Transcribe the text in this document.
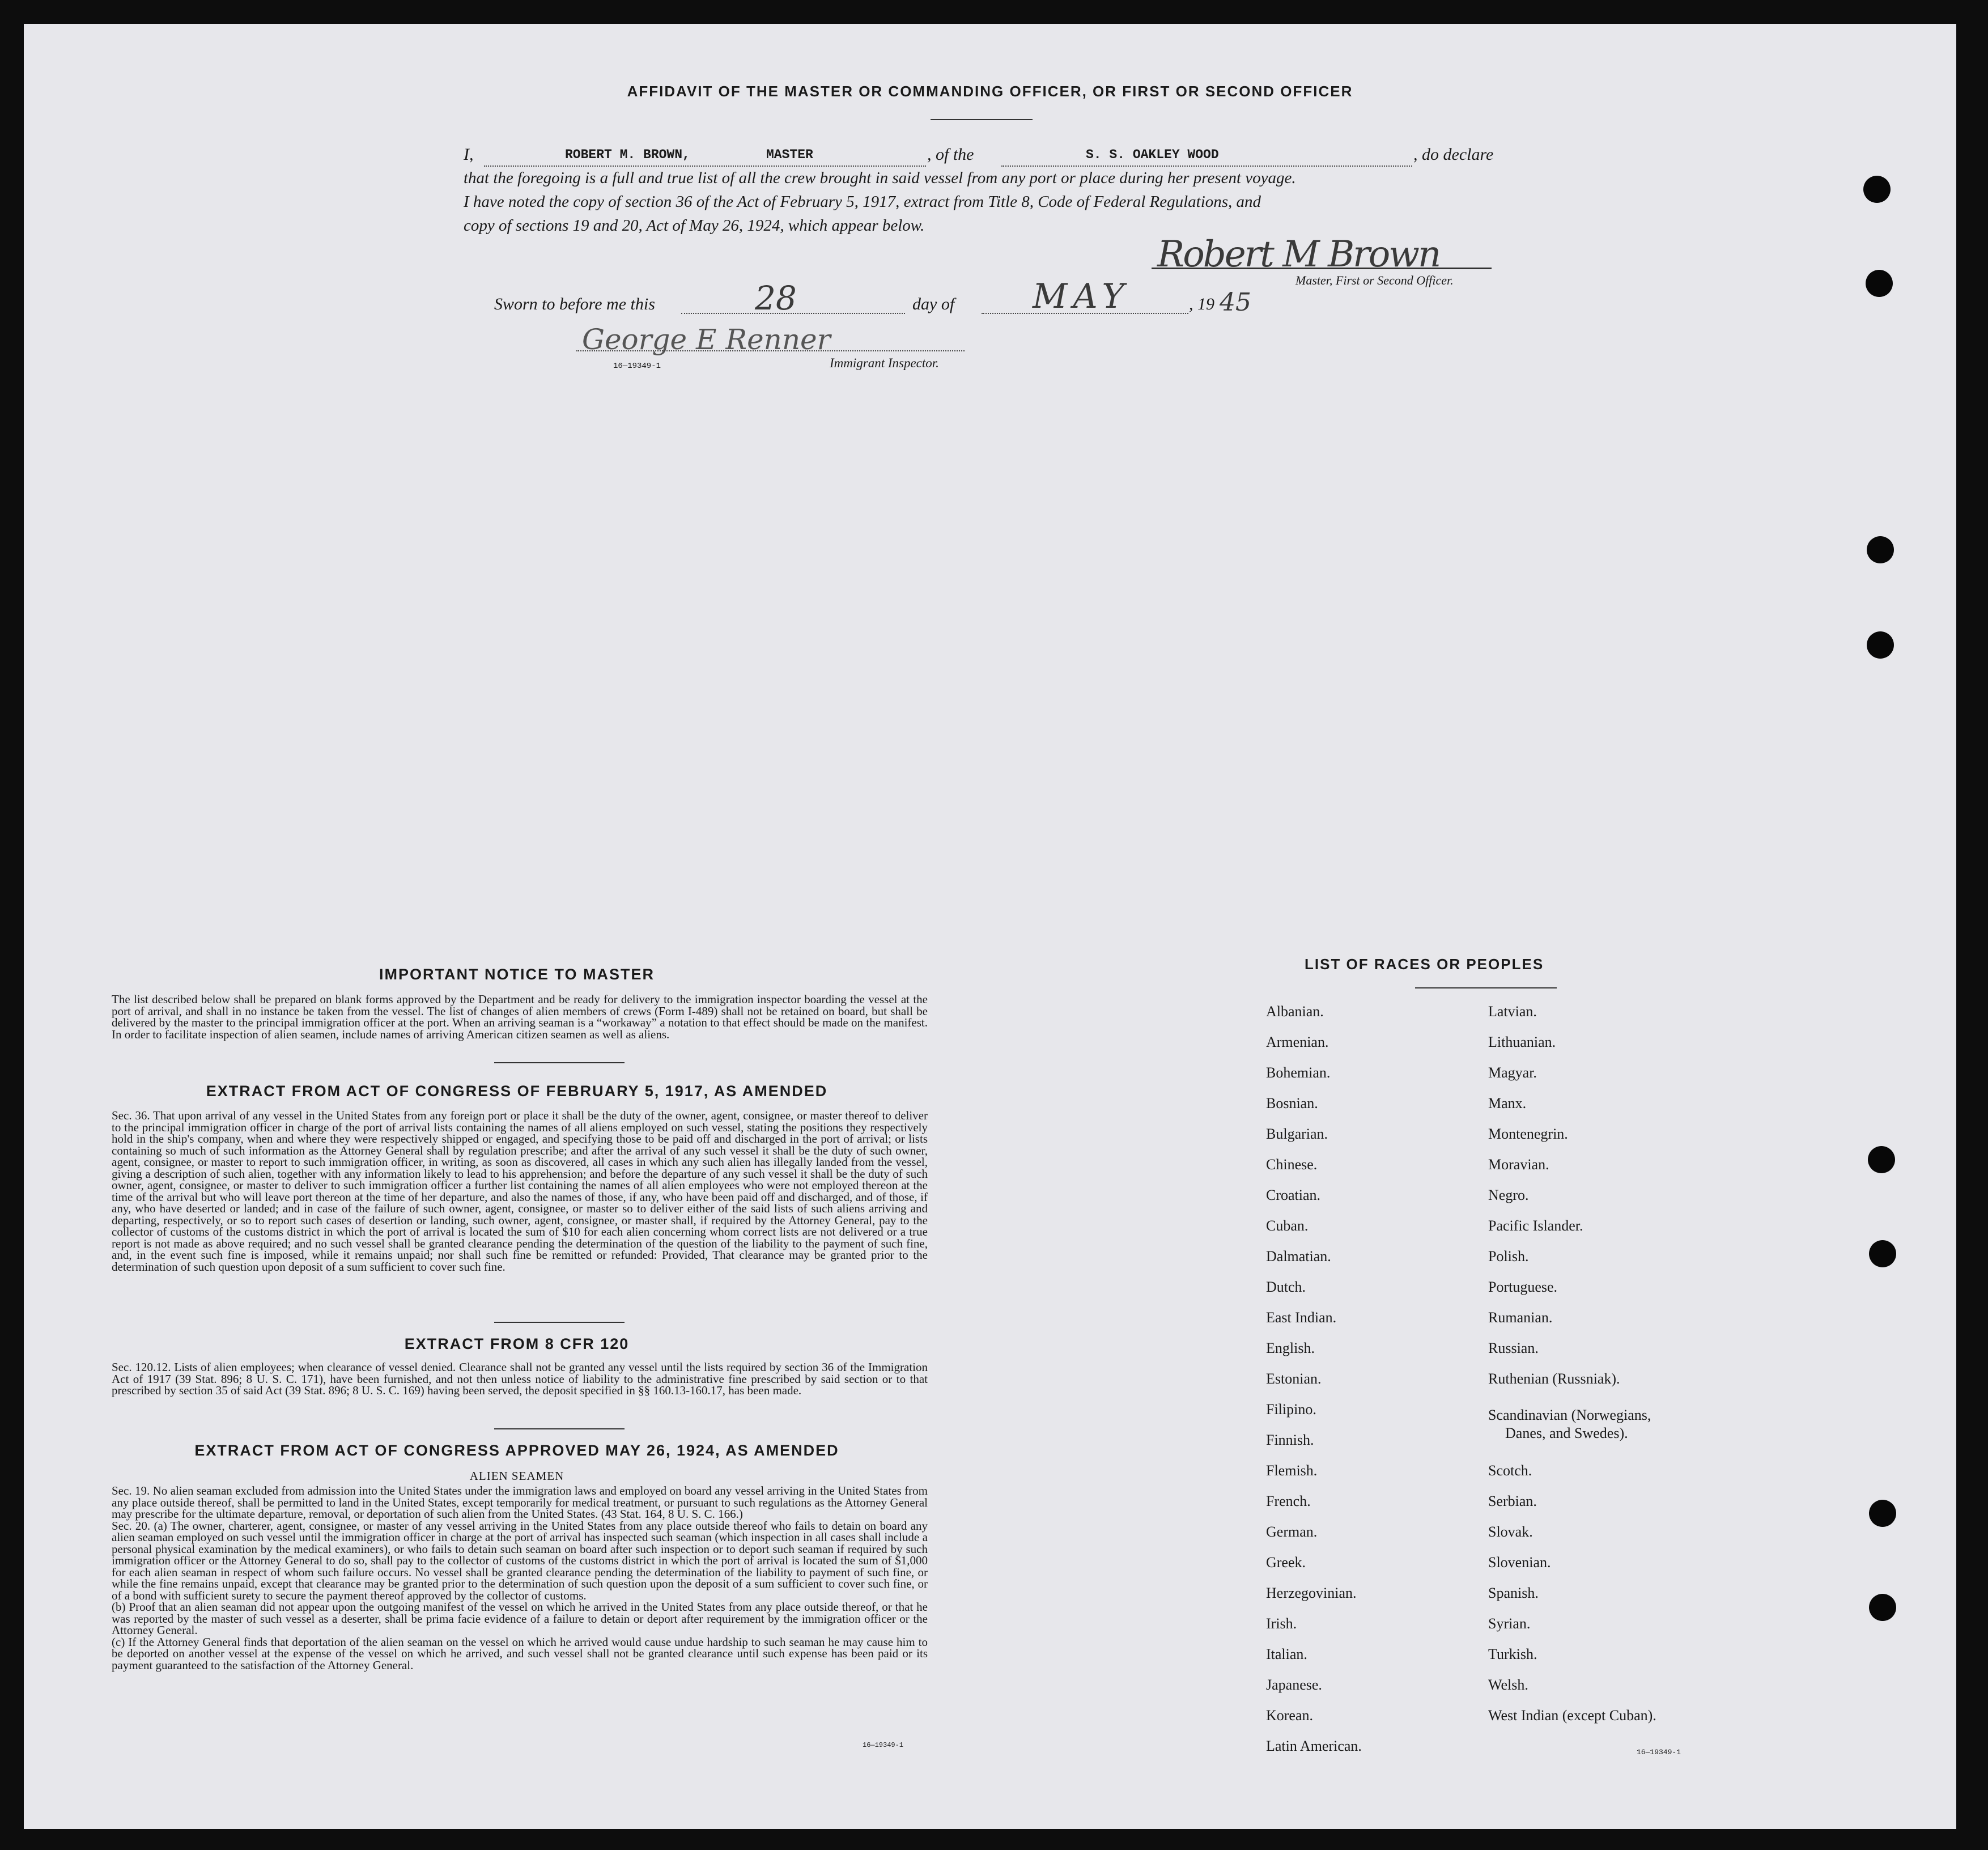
AFFIDAVIT OF THE MASTER OR COMMANDING OFFICER, OR FIRST OR SECOND OFFICER
I,	ROBERT M. BROWN,	MASTER	, of the	S. S. OAKLEY WOOD	, do declare
that the foregoing is a full and true list of all the crew brought in said vessel from any port or place during her present voyage.
I have noted the copy of section 36 of the Act of February 5, 1917, extract from Title 8, Code of Federal Regulations, and
copy of sections 19 and 20, Act of May 26, 1924, which appear below.
Robert M Brown
Master, First or Second Officer.
Sworn to before me this	28	day of MAY	, 19 45
George E Renner
16—19349-1	Immigrant Inspector.
IMPORTANT NOTICE TO MASTER
The list described below shall be prepared on blank forms approved by the Department and be ready for delivery to the immigration inspector boarding the vessel at the port of arrival, and shall in no instance be taken from the vessel. The list of changes of alien members of crews (Form I-489) shall not be retained on board, but shall be delivered by the master to the principal immigration officer at the port. When an arriving seaman is a “workaway” a notation to that effect should be made on the manifest. In order to facilitate inspection of alien seamen, include names of arriving American citizen seamen as well as aliens.
EXTRACT FROM ACT OF CONGRESS OF FEBRUARY 5, 1917, AS AMENDED
Sec. 36. That upon arrival of any vessel in the United States from any foreign port or place it shall be the duty of the owner, agent, consignee, or master thereof to deliver to the principal immigration officer in charge of the port of arrival lists containing the names of all aliens employed on such vessel, stating the positions they respectively hold in the ship's company, when and where they were respectively shipped or engaged, and specifying those to be paid off and discharged in the port of arrival; or lists containing so much of such information as the Attorney General shall by regulation prescribe; and after the arrival of any such vessel it shall be the duty of such owner, agent, consignee, or master to report to such immigration officer, in writing, as soon as discovered, all cases in which any such alien has illegally landed from the vessel, giving a description of such alien, together with any information likely to lead to his apprehension; and before the departure of any such vessel it shall be the duty of such owner, agent, consignee, or master to deliver to such immigration officer a further list containing the names of all alien employees who were not employed thereon at the time of the arrival but who will leave port thereon at the time of her departure, and also the names of those, if any, who have been paid off and discharged, and of those, if any, who have deserted or landed; and in case of the failure of such owner, agent, consignee, or master so to deliver either of the said lists of such aliens arriving and departing, respectively, or so to report such cases of desertion or landing, such owner, agent, consignee, or master shall, if required by the Attorney General, pay to the collector of customs of the customs district in which the port of arrival is located the sum of $10 for each alien concerning whom correct lists are not delivered or a true report is not made as above required; and no such vessel shall be granted clearance pending the determination of the question of the liability to the payment of such fine, and, in the event such fine is imposed, while it remains unpaid; nor shall such fine be remitted or refunded: Provided, That clearance may be granted prior to the determination of such question upon deposit of a sum sufficient to cover such fine.
EXTRACT FROM 8 CFR 120
Sec. 120.12. Lists of alien employees; when clearance of vessel denied. Clearance shall not be granted any vessel until the lists required by section 36 of the Immigration Act of 1917 (39 Stat. 896; 8 U. S. C. 171), have been furnished, and not then unless notice of liability to the administrative fine prescribed by said section or to that prescribed by section 35 of said Act (39 Stat. 896; 8 U. S. C. 169) having been served, the deposit specified in §§ 160.13-160.17, has been made.
EXTRACT FROM ACT OF CONGRESS APPROVED MAY 26, 1924, AS AMENDED
ALIEN SEAMEN
Sec. 19. No alien seaman excluded from admission into the United States under the immigration laws and employed on board any vessel arriving in the United States from any place outside thereof, shall be permitted to land in the United States, except temporarily for medical treatment, or pursuant to such regulations as the Attorney General may prescribe for the ultimate departure, removal, or deportation of such alien from the United States. (43 Stat. 164, 8 U. S. C. 166.)
Sec. 20. (a) The owner, charterer, agent, consignee, or master of any vessel arriving in the United States from any place outside thereof who fails to detain on board any alien seaman employed on such vessel until the immigration officer in charge at the port of arrival has inspected such seaman (which inspection in all cases shall include a personal physical examination by the medical examiners), or who fails to detain such seaman on board after such inspection or to deport such seaman if required by such immigration officer or the Attorney General to do so, shall pay to the collector of customs of the customs district in which the port of arrival is located the sum of $1,000 for each alien seaman in respect of whom such failure occurs. No vessel shall be granted clearance pending the determination of the liability to payment of such fine, or while the fine remains unpaid, except that clearance may be granted prior to the determination of such question upon the deposit of a sum sufficient to cover such fine, or of a bond with sufficient surety to secure the payment thereof approved by the collector of customs.
(b) Proof that an alien seaman did not appear upon the outgoing manifest of the vessel on which he arrived in the United States from any place outside thereof, or that he was reported by the master of such vessel as a deserter, shall be prima facie evidence of a failure to detain or deport after requirement by the immigration officer or the Attorney General.
(c) If the Attorney General finds that deportation of the alien seaman on the vessel on which he arrived would cause undue hardship to such seaman he may cause him to be deported on another vessel at the expense of the vessel on which he arrived, and such vessel shall not be granted clearance until such expense has been paid or its payment guaranteed to the satisfaction of the Attorney General.
16—19349-1
LIST OF RACES OR PEOPLES
Albanian.
Armenian.
Bohemian.
Bosnian.
Bulgarian.
Chinese.
Croatian.
Cuban.
Dalmatian.
Dutch.
East Indian.
English.
Estonian.
Filipino.
Finnish.
Flemish.
French.
German.
Greek.
Herzegovinian.
Irish.
Italian.
Japanese.
Korean.
Latin American.
Latvian.
Lithuanian.
Magyar.
Manx.
Montenegrin.
Moravian.
Negro.
Pacific Islander.
Polish.
Portuguese.
Rumanian.
Russian.
Ruthenian (Russniak).
Scandinavian (Norwegians,
Danes, and Swedes).
Scotch.
Serbian.
Slovak.
Slovenian.
Spanish.
Syrian.
Turkish.
Welsh.
West Indian (except Cuban).
16—19349-1
